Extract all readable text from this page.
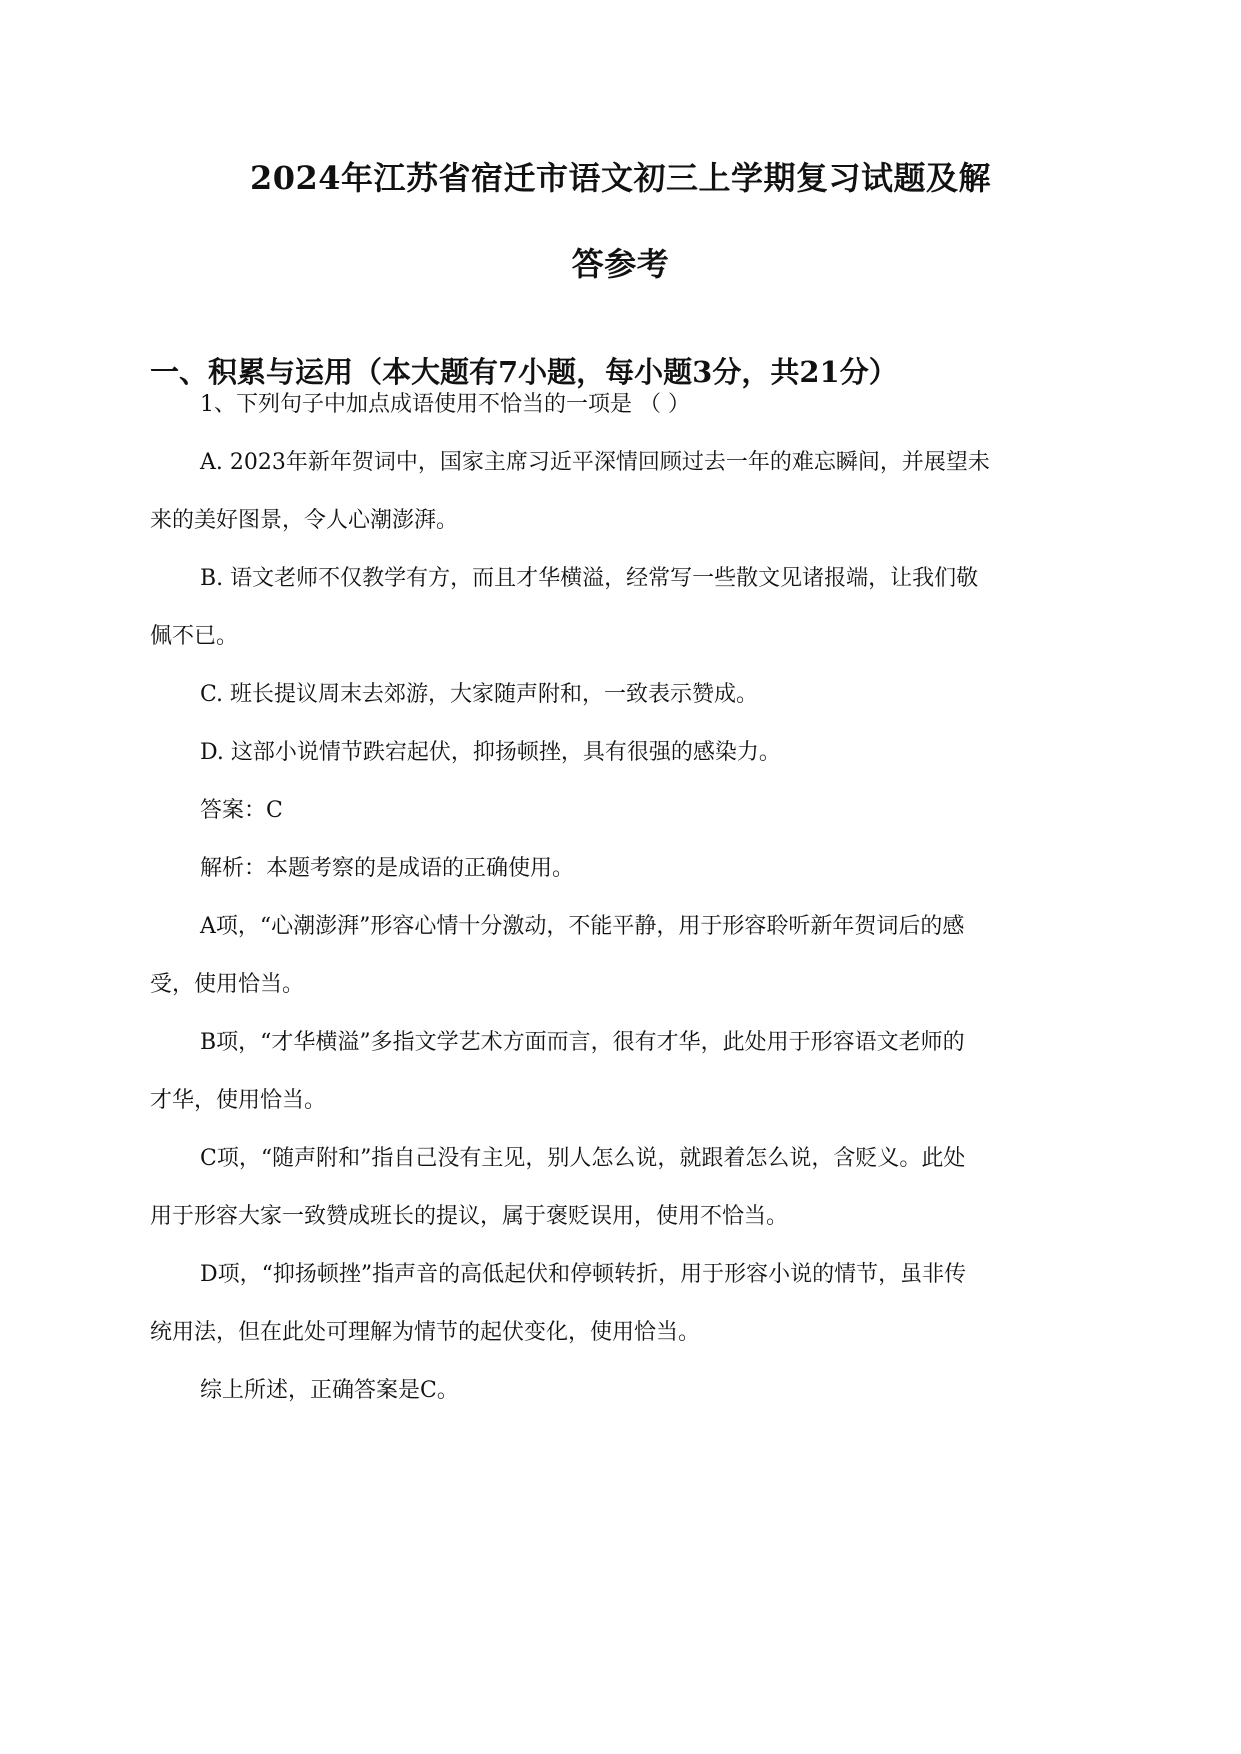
2024年江苏省宿迁市语文初三上学期复习试题及解
答参考
一、积累与运用（本大题有7小题，每小题3分，共21分）

1、下列句子中加点成语使用不恰当的一项是 （ ）

A. 2023年新年贺词中，国家主席习近平深情回顾过去一年的难忘瞬间，并展望未

来的美好图景，令人心潮澎湃。

B. 语文老师不仅教学有方，而且才华横溢，经常写一些散文见诸报端，让我们敬

佩不已。

C. 班长提议周末去郊游，大家随声附和，一致表示赞成。

D. 这部小说情节跌宕起伏，抑扬顿挫，具有很强的感染力。

答案：C

解析：本题考察的是成语的正确使用。

A项，“心潮澎湃”形容心情十分激动，不能平静，用于形容聆听新年贺词后的感

受，使用恰当。

B项，“才华横溢”多指文学艺术方面而言，很有才华，此处用于形容语文老师的

才华，使用恰当。

C项，“随声附和”指自己没有主见，别人怎么说，就跟着怎么说，含贬义。此处

用于形容大家一致赞成班长的提议，属于褒贬误用，使用不恰当。

D项，“抑扬顿挫”指声音的高低起伏和停顿转折，用于形容小说的情节，虽非传

统用法，但在此处可理解为情节的起伏变化，使用恰当。

综上所述，正确答案是C。
